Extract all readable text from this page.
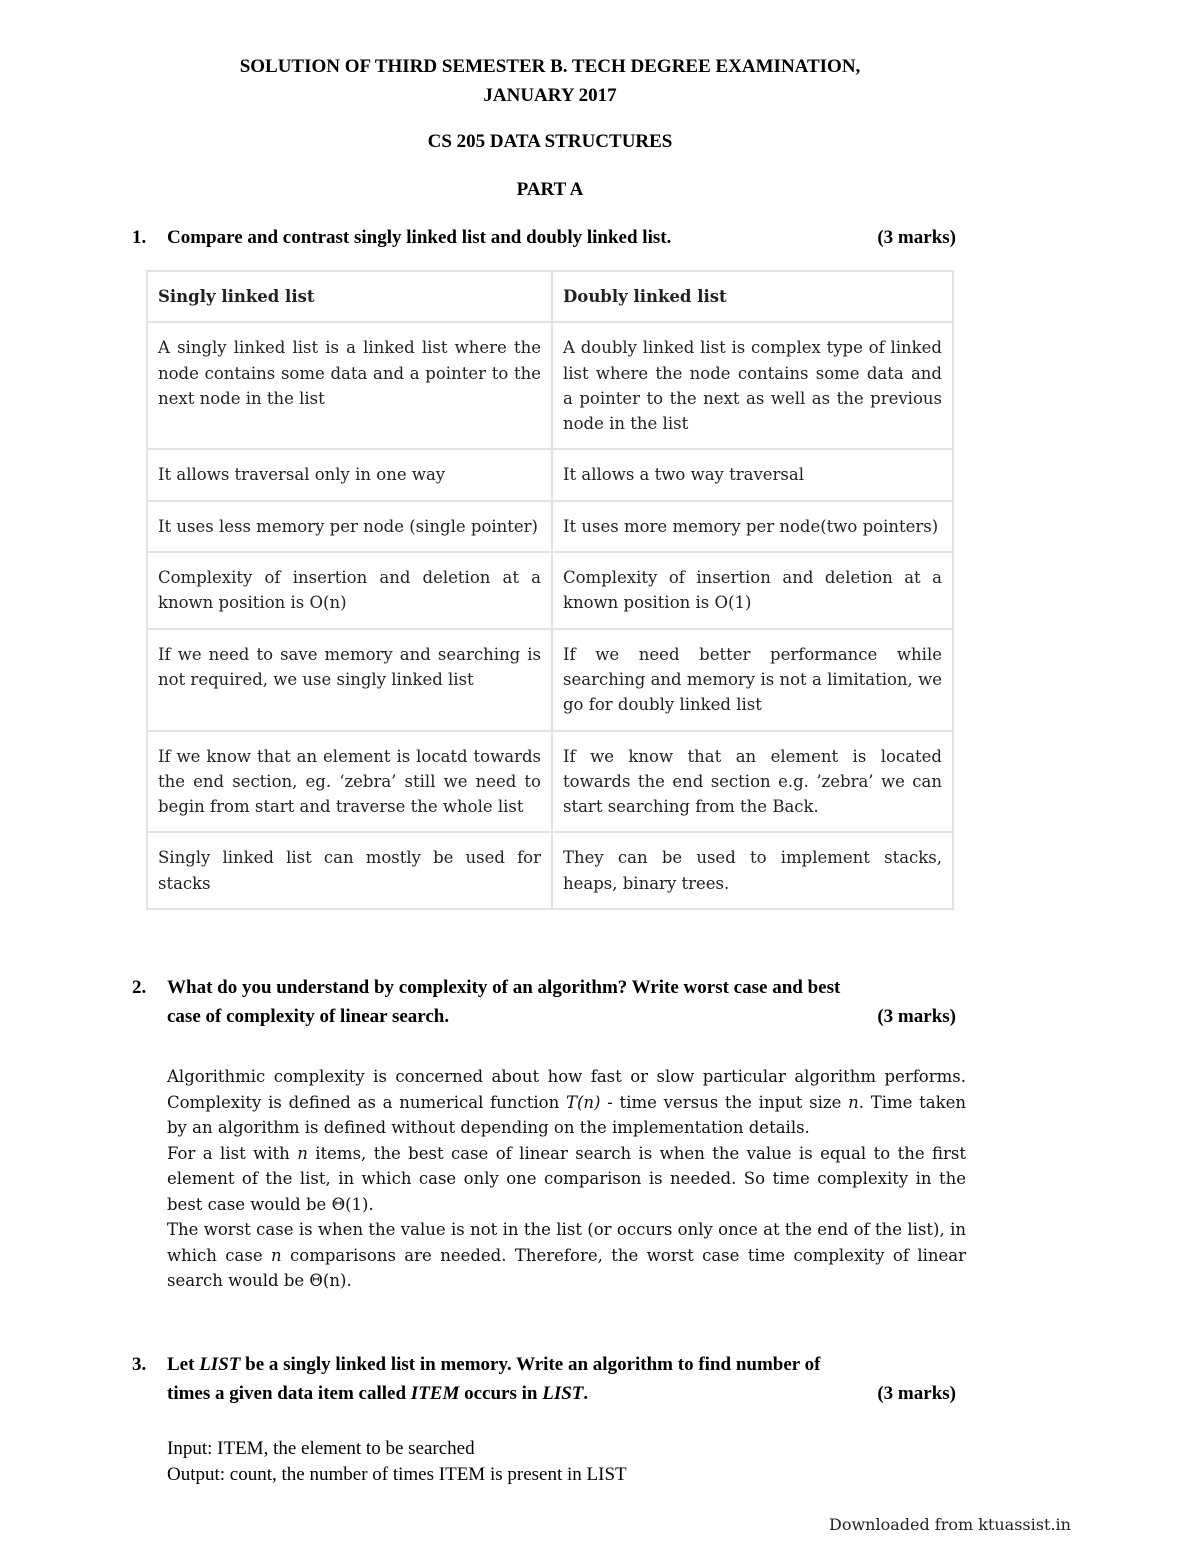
SOLUTION OF THIRD SEMESTER B. TECH DEGREE EXAMINATION,
JANUARY 2017
CS 205 DATA STRUCTURES
PART A
1. Compare and contrast singly linked list and doubly linked list.	(3 marks)
Singly linked list	Doubly linked list
A singly linked list is a linked list where the node contains some data and a pointer to the next node in the list	A doubly linked list is complex type of linked list where the node contains some data and a pointer to the next as well as the previous node in the list
It allows traversal only in one way	It allows a two way traversal
It uses less memory per node (single pointer)	It uses more memory per node(two pointers)
Complexity of insertion and deletion at a known position is O(n)	Complexity of insertion and deletion at a known position is O(1)
If we need to save memory and searching is not required, we use singly linked list	If we need better performance while searching and memory is not a limitation, we go for doubly linked list
If we know that an element is locatd towards the end section, eg. ‘zebra’ still we need to begin from start and traverse the whole list	If we know that an element is located towards the end section e.g. ’zebra’ we can start searching from the Back.
Singly linked list can mostly be used for stacks	They can be used to implement stacks, heaps, binary trees.
2. What do you understand by complexity of an algorithm? Write worst case and best
case of complexity of linear search.	(3 marks)
Algorithmic complexity is concerned about how fast or slow particular algorithm performs. Complexity is defined as a numerical function T(n) - time versus the input size n. Time taken by an algorithm is defined without depending on the implementation details.
For a list with n items, the best case of linear search is when the value is equal to the first element of the list, in which case only one comparison is needed. So time complexity in the best case would be Θ(1).
The worst case is when the value is not in the list (or occurs only once at the end of the list), in which case n comparisons are needed. Therefore, the worst case time complexity of linear search would be Θ(n).
3. Let LIST be a singly linked list in memory. Write an algorithm to find number of
times a given data item called ITEM occurs in LIST.	(3 marks)
Input: ITEM, the element to be searched
Output: count, the number of times ITEM is present in LIST
Downloaded from ktuassist.in
